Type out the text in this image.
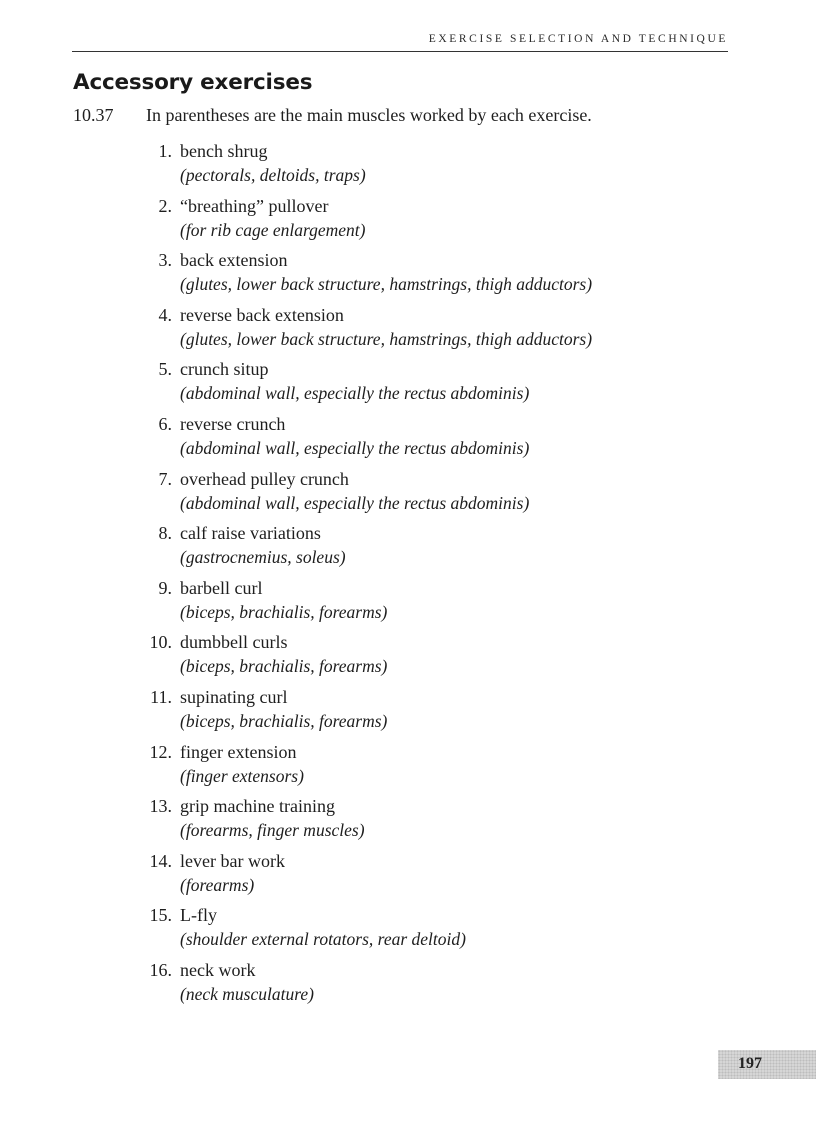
EXERCISE SELECTION AND TECHNIQUE
Accessory exercises
10.37 In parentheses are the main muscles worked by each exercise.
1. bench shrug
(pectorals, deltoids, traps)
2. “breathing” pullover
(for rib cage enlargement)
3. back extension
(glutes, lower back structure, hamstrings, thigh adductors)
4. reverse back extension
(glutes, lower back structure, hamstrings, thigh adductors)
5. crunch situp
(abdominal wall, especially the rectus abdominis)
6. reverse crunch
(abdominal wall, especially the rectus abdominis)
7. overhead pulley crunch
(abdominal wall, especially the rectus abdominis)
8. calf raise variations
(gastrocnemius, soleus)
9. barbell curl
(biceps, brachialis, forearms)
10. dumbbell curls
(biceps, brachialis, forearms)
11. supinating curl
(biceps, brachialis, forearms)
12. finger extension
(finger extensors)
13. grip machine training
(forearms, finger muscles)
14. lever bar work
(forearms)
15. L-fly
(shoulder external rotators, rear deltoid)
16. neck work
(neck musculature)
197
